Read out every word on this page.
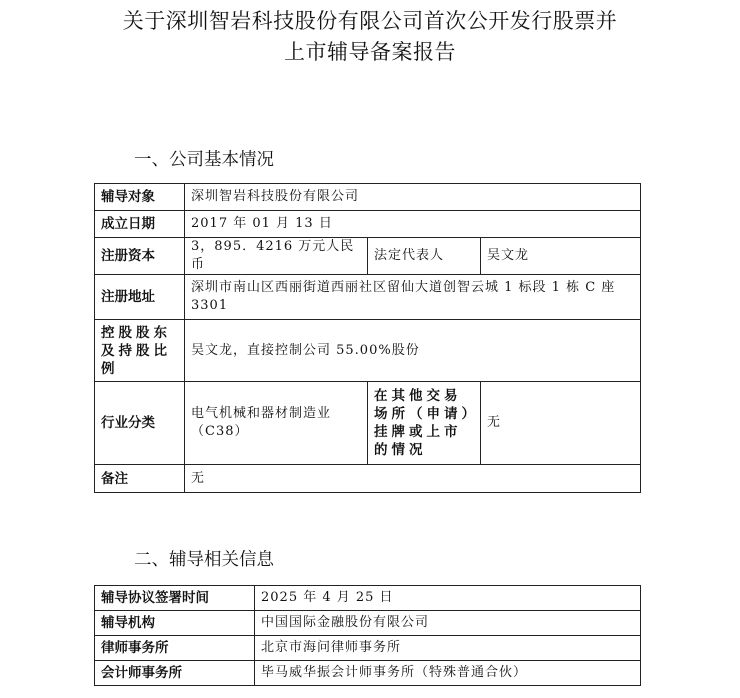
关于深圳智岩科技股份有限公司首次公开发行股票并
上市辅导备案报告
一、公司基本情况
辅导对象	深圳智岩科技股份有限公司		
成立日期	2017 年 01 月 13 日		
注册资本	3，895．4216 万元人民币	法定代表人	吴文龙
注册地址	深圳市南山区西丽街道西丽社区留仙大道创智云城 1 标段 1 栋 C 座 3301		
控股股东及持股比例	吴文龙，直接控制公司 55.00%股份		
行业分类	电气机械和器材制造业（C38）	在其他交易场所（申请）挂牌或上市的情况	无
备注	无		
二、辅导相关信息
辅导协议签署时间	2025 年 4 月 25 日
辅导机构	中国国际金融股份有限公司
律师事务所	北京市海问律师事务所
会计师事务所	毕马威华振会计师事务所（特殊普通合伙）
